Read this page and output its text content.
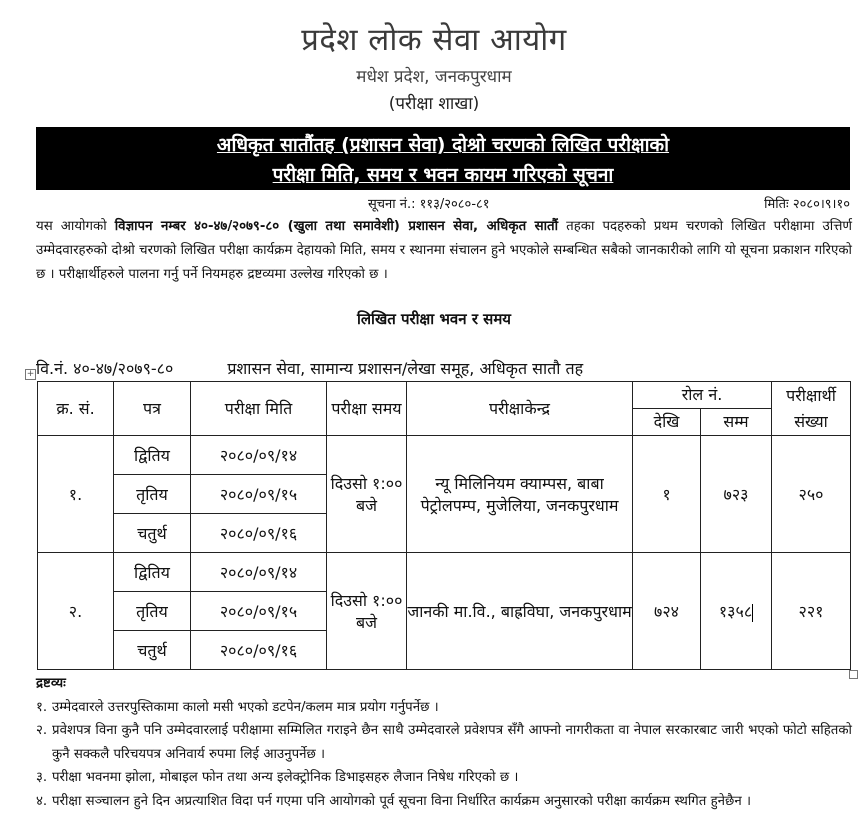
प्रदेश लोक सेवा आयोग
मधेश प्रदेश, जनकपुरधाम
(परीक्षा शाखा)
अधिकृत सातौंतह (प्रशासन सेवा) दोश्रो चरणको लिखित परीक्षाको
परीक्षा मिति, समय र भवन कायम गरिएको सूचना
सूचना नं.: ११३/२०८०-८१	मितिः २०८०।९।१०
यस आयोगको विज्ञापन नम्बर ४०-४७/२०७९-८० (खुला तथा समावेशी) प्रशासन सेवा, अधिकृत सातौं तहका पदहरुको प्रथम चरणको लिखित परीक्षामा उत्तिर्ण उम्मेदवारहरुको दोश्रो चरणको लिखित परीक्षा कार्यक्रम देहायको मिति, समय र स्थानमा संचालन हुने भएकोले सम्बन्धित सबैको जानकारीको लागि यो सूचना प्रकाशन गरिएको छ । परीक्षार्थीहरुले पालना गर्नु पर्ने नियमहरु द्रष्टव्यमा उल्लेख गरिएको छ ।
लिखित परीक्षा भवन र समय
वि.नं. ४०-४७/२०७९-८०	प्रशासन सेवा, सामान्य प्रशासन/लेखा समूह, अधिकृत सातौ तह
+
क्र. सं.	पत्र	परीक्षा मिति	परीक्षा समय	परीक्षाकेन्द्र	रोल नं.		परीक्षार्थी संख्या
					देखि	सम्म	
१.	द्वितिय	२०८०/०९/१४	दिउसो १:०० बजे	न्यू मिलिनियम क्याम्पस, बाबा पेट्रोलपम्प, मुजेलिया, जनकपुरधाम	१	७२३	२५०
	तृतिय	२०८०/०९/१५					
	चतुर्थ	२०८०/०९/१६					
२.	द्वितिय	२०८०/०९/१४	दिउसो १:०० बजे	जानकी मा.वि., बाह्रविघा, जनकपुरधाम	७२४	१३५८	२२१
	तृतिय	२०८०/०९/१५					
	चतुर्थ	२०८०/०९/१६					
द्रष्टव्यः
१. उम्मेदवारले उत्तरपुस्तिकामा कालो मसी भएको डटपेन/कलम मात्र प्रयोग गर्नुपर्नेछ ।
२. प्रवेशपत्र विना कुनै पनि उम्मेदवारलाई परीक्षामा सम्मिलित गराइने छैन साथै उम्मेदवारले प्रवेशपत्र सँगै आफ्नो नागरीकता वा नेपाल सरकारबाट जारी भएको फोटो सहितको कुनै सक्कलै परिचयपत्र अनिवार्य रुपमा लिई आउनुपर्नेछ ।
३. परीक्षा भवनमा झोला, मोबाइल फोन तथा अन्य इलेक्ट्रोनिक डिभाइसहरु लैजान निषेध गरिएको छ ।
४. परीक्षा सञ्चालन हुने दिन अप्रत्याशित विदा पर्न गएमा पनि आयोगको पूर्व सूचना विना निर्धारित कार्यक्रम अनुसारको परीक्षा कार्यक्रम स्थगित हुनेछैन ।
